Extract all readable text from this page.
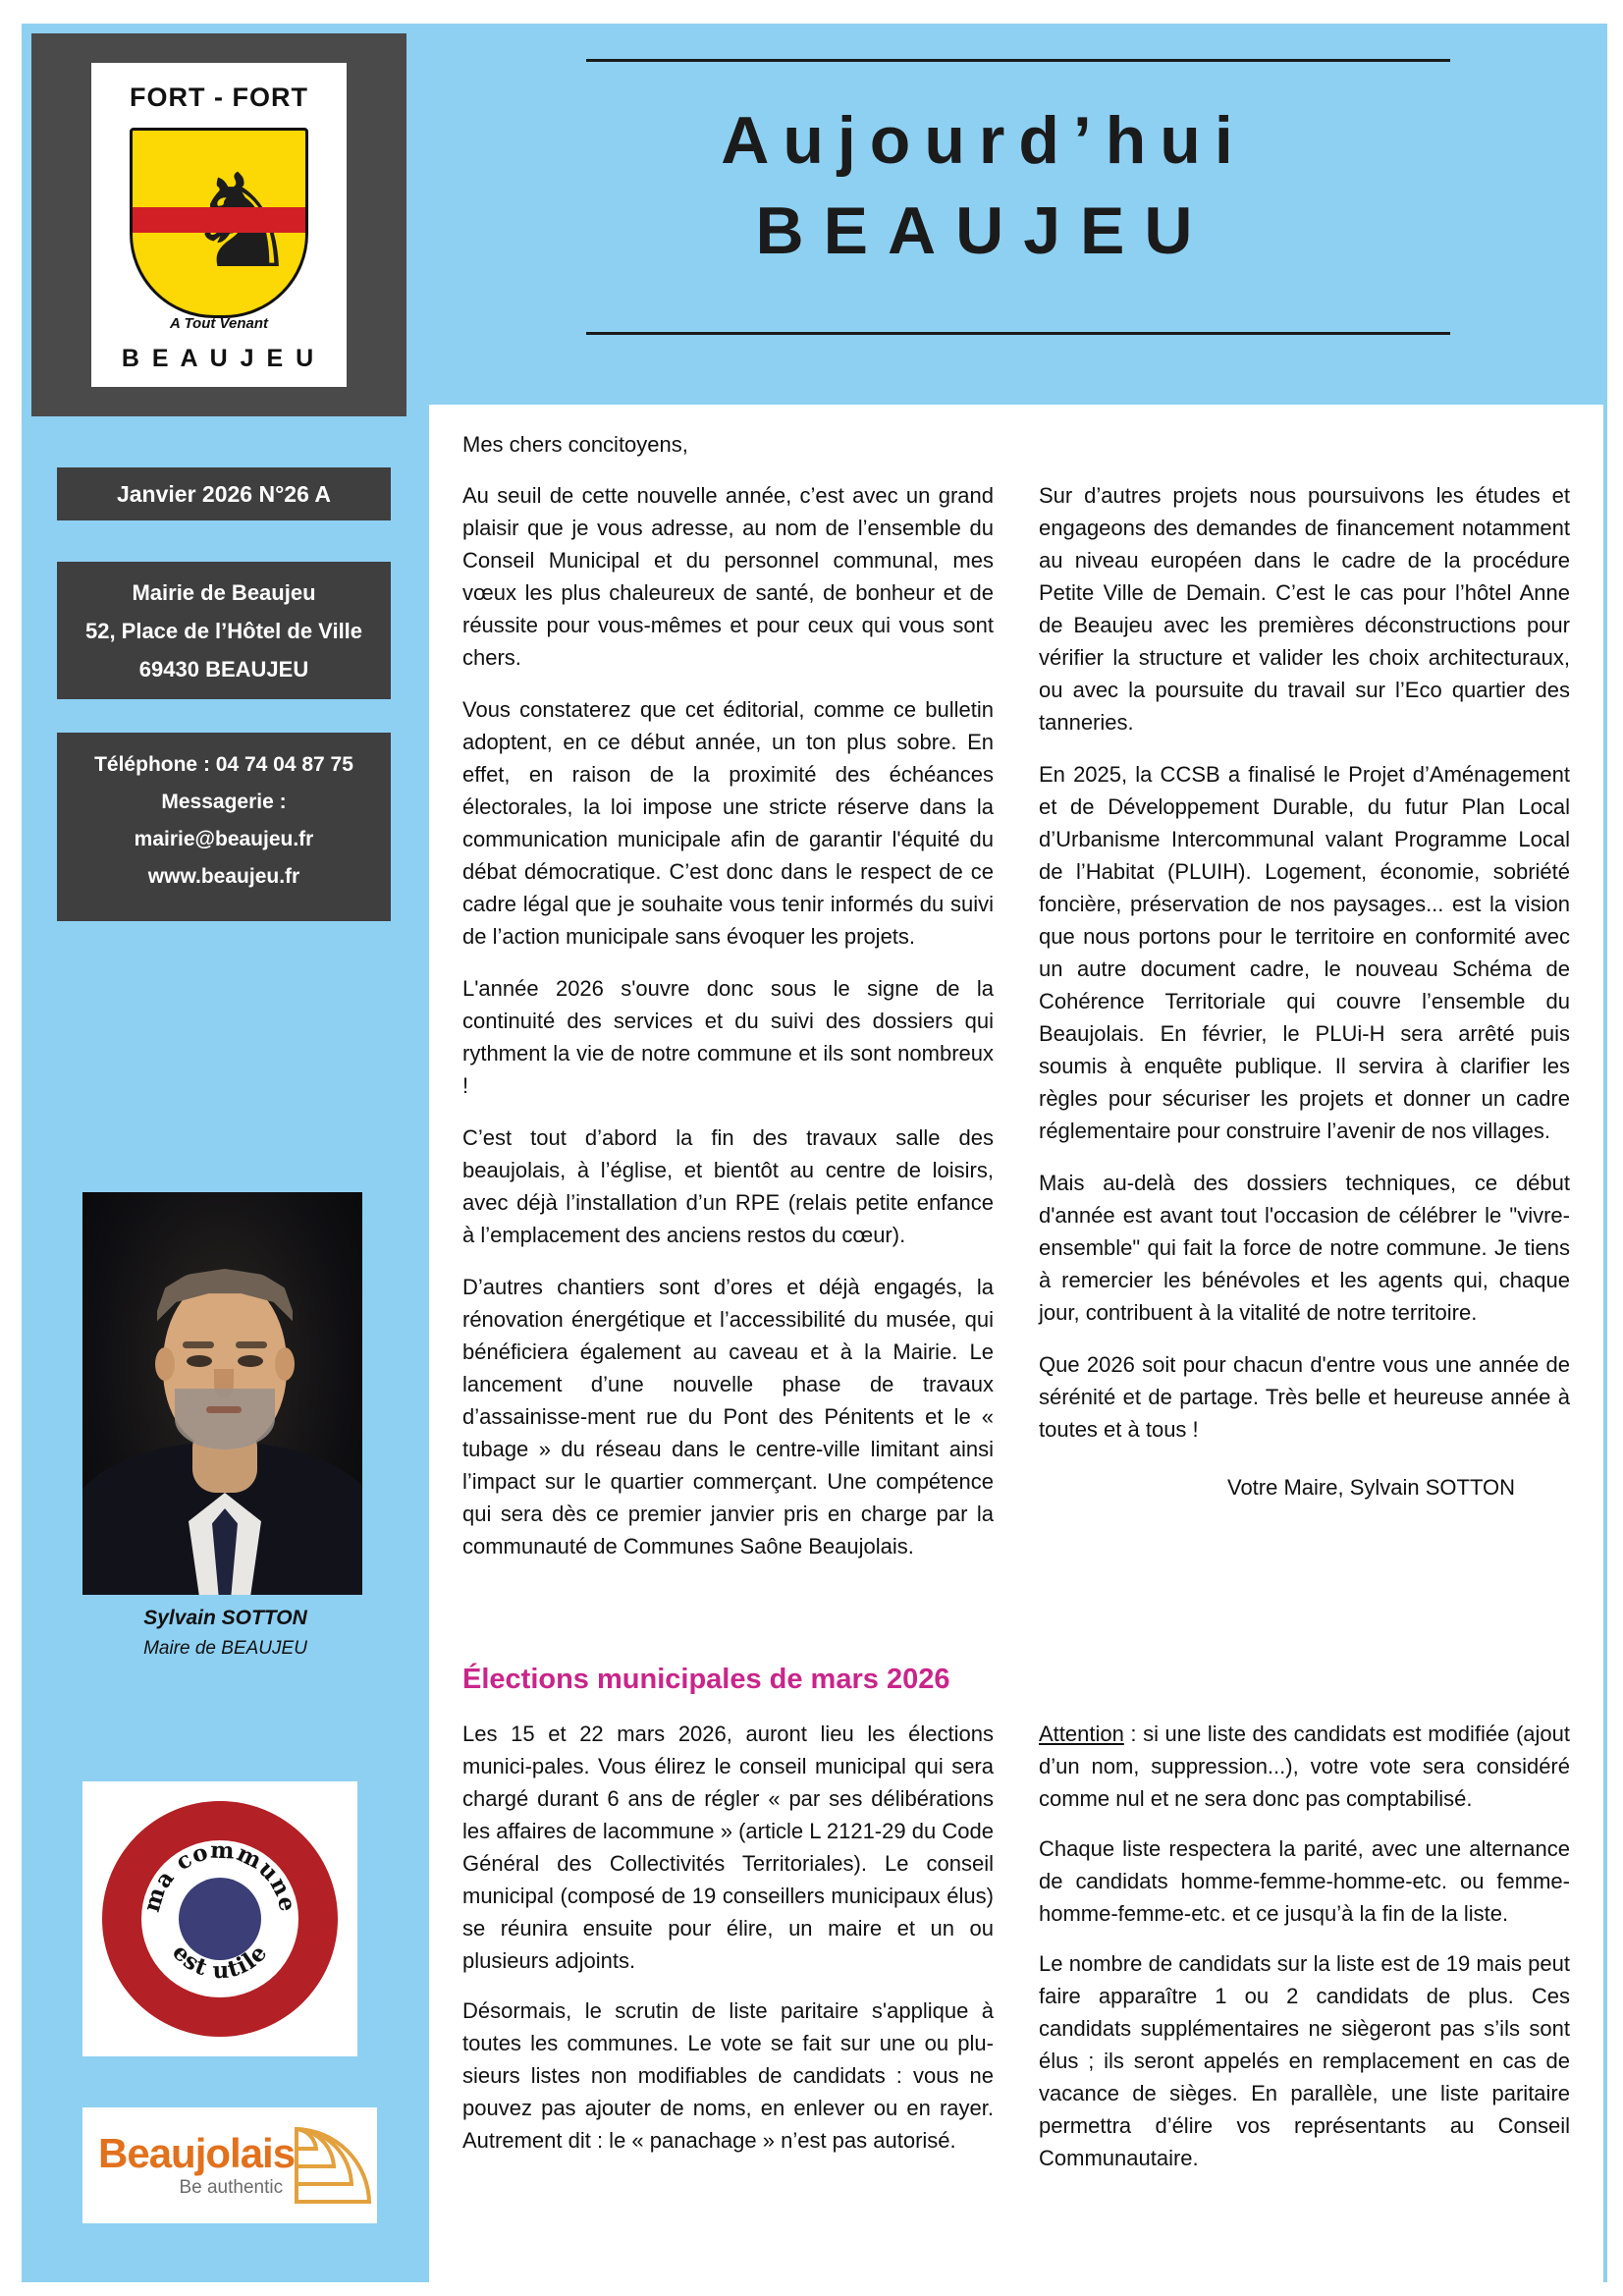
FORT - FORT
A Tout Venant
B E A U J E U
Janvier 2026 N°26 A
Mairie de Beaujeu
52, Place de l’Hôtel de Ville
69430 BEAUJEU
Téléphone : 04 74 04 87 75
Messagerie :
mairie@beaujeu.fr
www.beaujeu.fr
Sylvain SOTTON
Maire de BEAUJEU
ma commune
est utile
Beaujolais
Be authentic
Aujourd’hui
BEAUJEU
Mes chers concitoyens,

Au seuil de cette nouvelle année, c’est avec un grand plaisir que je vous adresse, au nom de l’ensemble du Conseil Municipal et du personnel communal, mes vœux les plus chaleureux de santé, de bonheur et de réussite pour vous-mêmes et pour ceux qui vous sont chers.

Vous constaterez que cet éditorial, comme ce bulletin adoptent, en ce début année, un ton plus sobre. En effet, en raison de la proximité des échéances électorales, la loi impose une stricte réserve dans la communication municipale afin de garantir l'équité du débat démocratique. C’est donc dans le respect de ce cadre légal que je souhaite vous tenir informés du suivi de l’action municipale sans évoquer les projets.

L'année 2026 s'ouvre donc sous le signe de la continuité des services et du suivi des dossiers qui rythment la vie de notre commune et ils sont nombreux !

C’est tout d’abord la fin des travaux salle des beaujolais, à l’église, et bientôt au centre de loisirs, avec déjà l’installation d’un RPE (relais petite enfance à l’emplacement des anciens restos du cœur).

D’autres chantiers sont d’ores et déjà engagés, la rénovation énergétique et l’accessibilité du musée, qui bénéficiera également au caveau et à la Mairie. Le lancement d’une nouvelle phase de travaux d’assainisse-ment rue du Pont des Pénitents et le « tubage » du réseau dans le centre-ville limitant ainsi l’impact sur le quartier commerçant. Une compétence qui sera dès ce premier janvier pris en charge par la communauté de Communes Saône Beaujolais.

Sur d’autres projets nous poursuivons les études et engageons des demandes de financement notamment au niveau européen dans le cadre de la procédure Petite Ville de Demain. C’est le cas pour l’hôtel Anne de Beaujeu avec les premières déconstructions pour vérifier la structure et valider les choix architecturaux, ou avec la poursuite du travail sur l’Eco quartier des tanneries.

En 2025, la CCSB a finalisé le Projet d’Aménagement et de Développement Durable, du futur Plan Local d’Urbanisme Intercommunal valant Programme Local de l’Habitat (PLUIH). Logement, économie, sobriété foncière, préservation de nos paysages... est la vision que nous portons pour le territoire en conformité avec un autre document cadre, le nouveau Schéma de Cohérence Territoriale qui couvre l’ensemble du Beaujolais. En février, le PLUi-H sera arrêté puis soumis à enquête publique. Il servira à clarifier les règles pour sécuriser les projets et donner un cadre réglementaire pour construire l’avenir de nos villages.

Mais au-delà des dossiers techniques, ce début d'année est avant tout l'occasion de célébrer le "vivre-ensemble" qui fait la force de notre commune. Je tiens à remercier les bénévoles et les agents qui, chaque jour, contribuent à la vitalité de notre territoire.

Que 2026 soit pour chacun d'entre vous une année de sérénité et de partage. Très belle et heureuse année à toutes et à tous !

Votre Maire, Sylvain SOTTON
Élections municipales de mars 2026

Les 15 et 22 mars 2026, auront lieu les élections munici-pales. Vous élirez le conseil municipal qui sera chargé durant 6 ans de régler « par ses délibérations les affaires de lacommune » (article L 2121-29 du Code Général des Collectivités Territoriales). Le conseil municipal (composé de 19 conseillers municipaux élus) se réunira ensuite pour élire, un maire et un ou plusieurs adjoints.

Désormais, le scrutin de liste paritaire s'applique à toutes les communes. Le vote se fait sur une ou plu-sieurs listes non modifiables de candidats : vous ne pouvez pas ajouter de noms, en enlever ou en rayer. Autrement dit : le « panachage » n’est pas autorisé.

Attention : si une liste des candidats est modifiée (ajout d’un nom, suppression...), votre vote sera considéré comme nul et ne sera donc pas comptabilisé.

Chaque liste respectera la parité, avec une alternance de candidats homme-femme-homme-etc. ou femme-homme-femme-etc. et ce jusqu’à la fin de la liste.

Le nombre de candidats sur la liste est de 19 mais peut faire apparaître 1 ou 2 candidats de plus. Ces candidats supplémentaires ne siègeront pas s’ils sont élus ; ils seront appelés en remplacement en cas de vacance de sièges. En parallèle, une liste paritaire permettra d’élire vos représentants au Conseil Communautaire.
